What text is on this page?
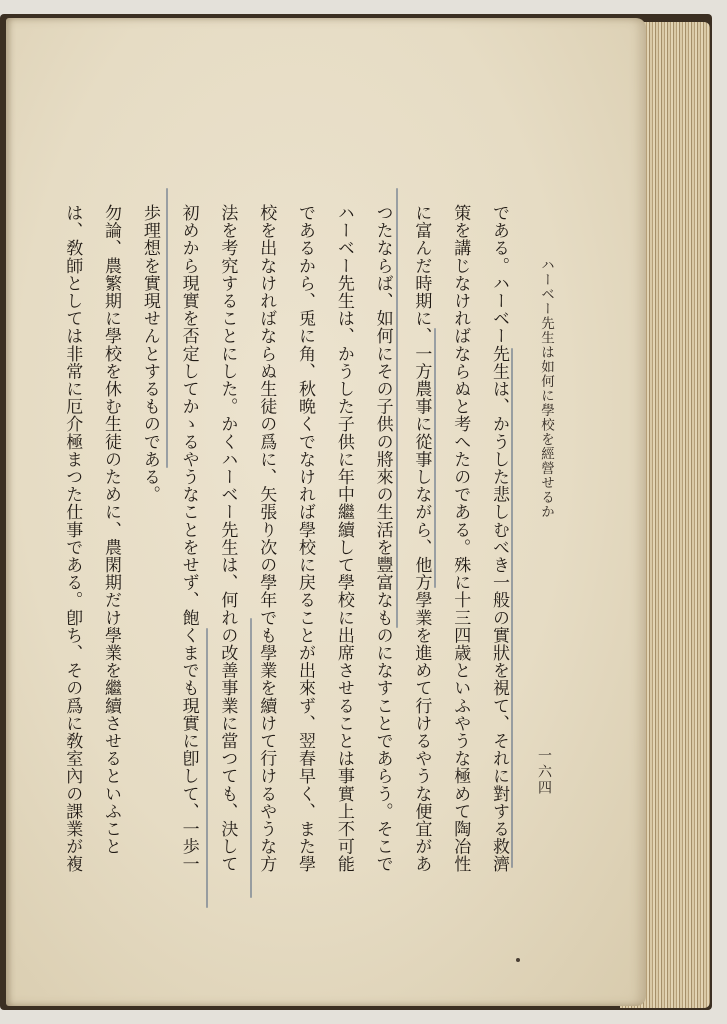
ハーベー先生は如何に學校を經營せるか
一六四

である。ハーベー先生は、かうした悲しむべき一般の實狀を視て、それに對する救濟

策を講じなければならぬと考へたのである。殊に十三四歳といふやうな極めて陶冶性

に富んだ時期に、一方農事に從事しながら、他方學業を進めて行けるやうな便宜があ

つたならば、如何にその子供の將來の生活を豐富なものになすことであらう。そこで

ハーベー先生は、かうした子供に年中繼續して學校に出席させることは事實上不可能

であるから、兎に角、秋晩くでなければ學校に戻ることが出來ず、翌春早く、また學

校を出なければならぬ生徒の爲に、矢張り次の學年でも學業を續けて行けるやうな方

法を考究することにした。かくハーベー先生は、何れの改善事業に當つても、決して

初めから現實を否定してかゝるやうなことをせず、飽くまでも現實に卽して、一歩一

歩理想を實現せんとするものである。

勿論、農繁期に學校を休む生徒のために、農閑期だけ學業を繼續させるといふこと

は、敎師としては非常に厄介極まつた仕事である。卽ち、その爲に敎室內の課業が複
